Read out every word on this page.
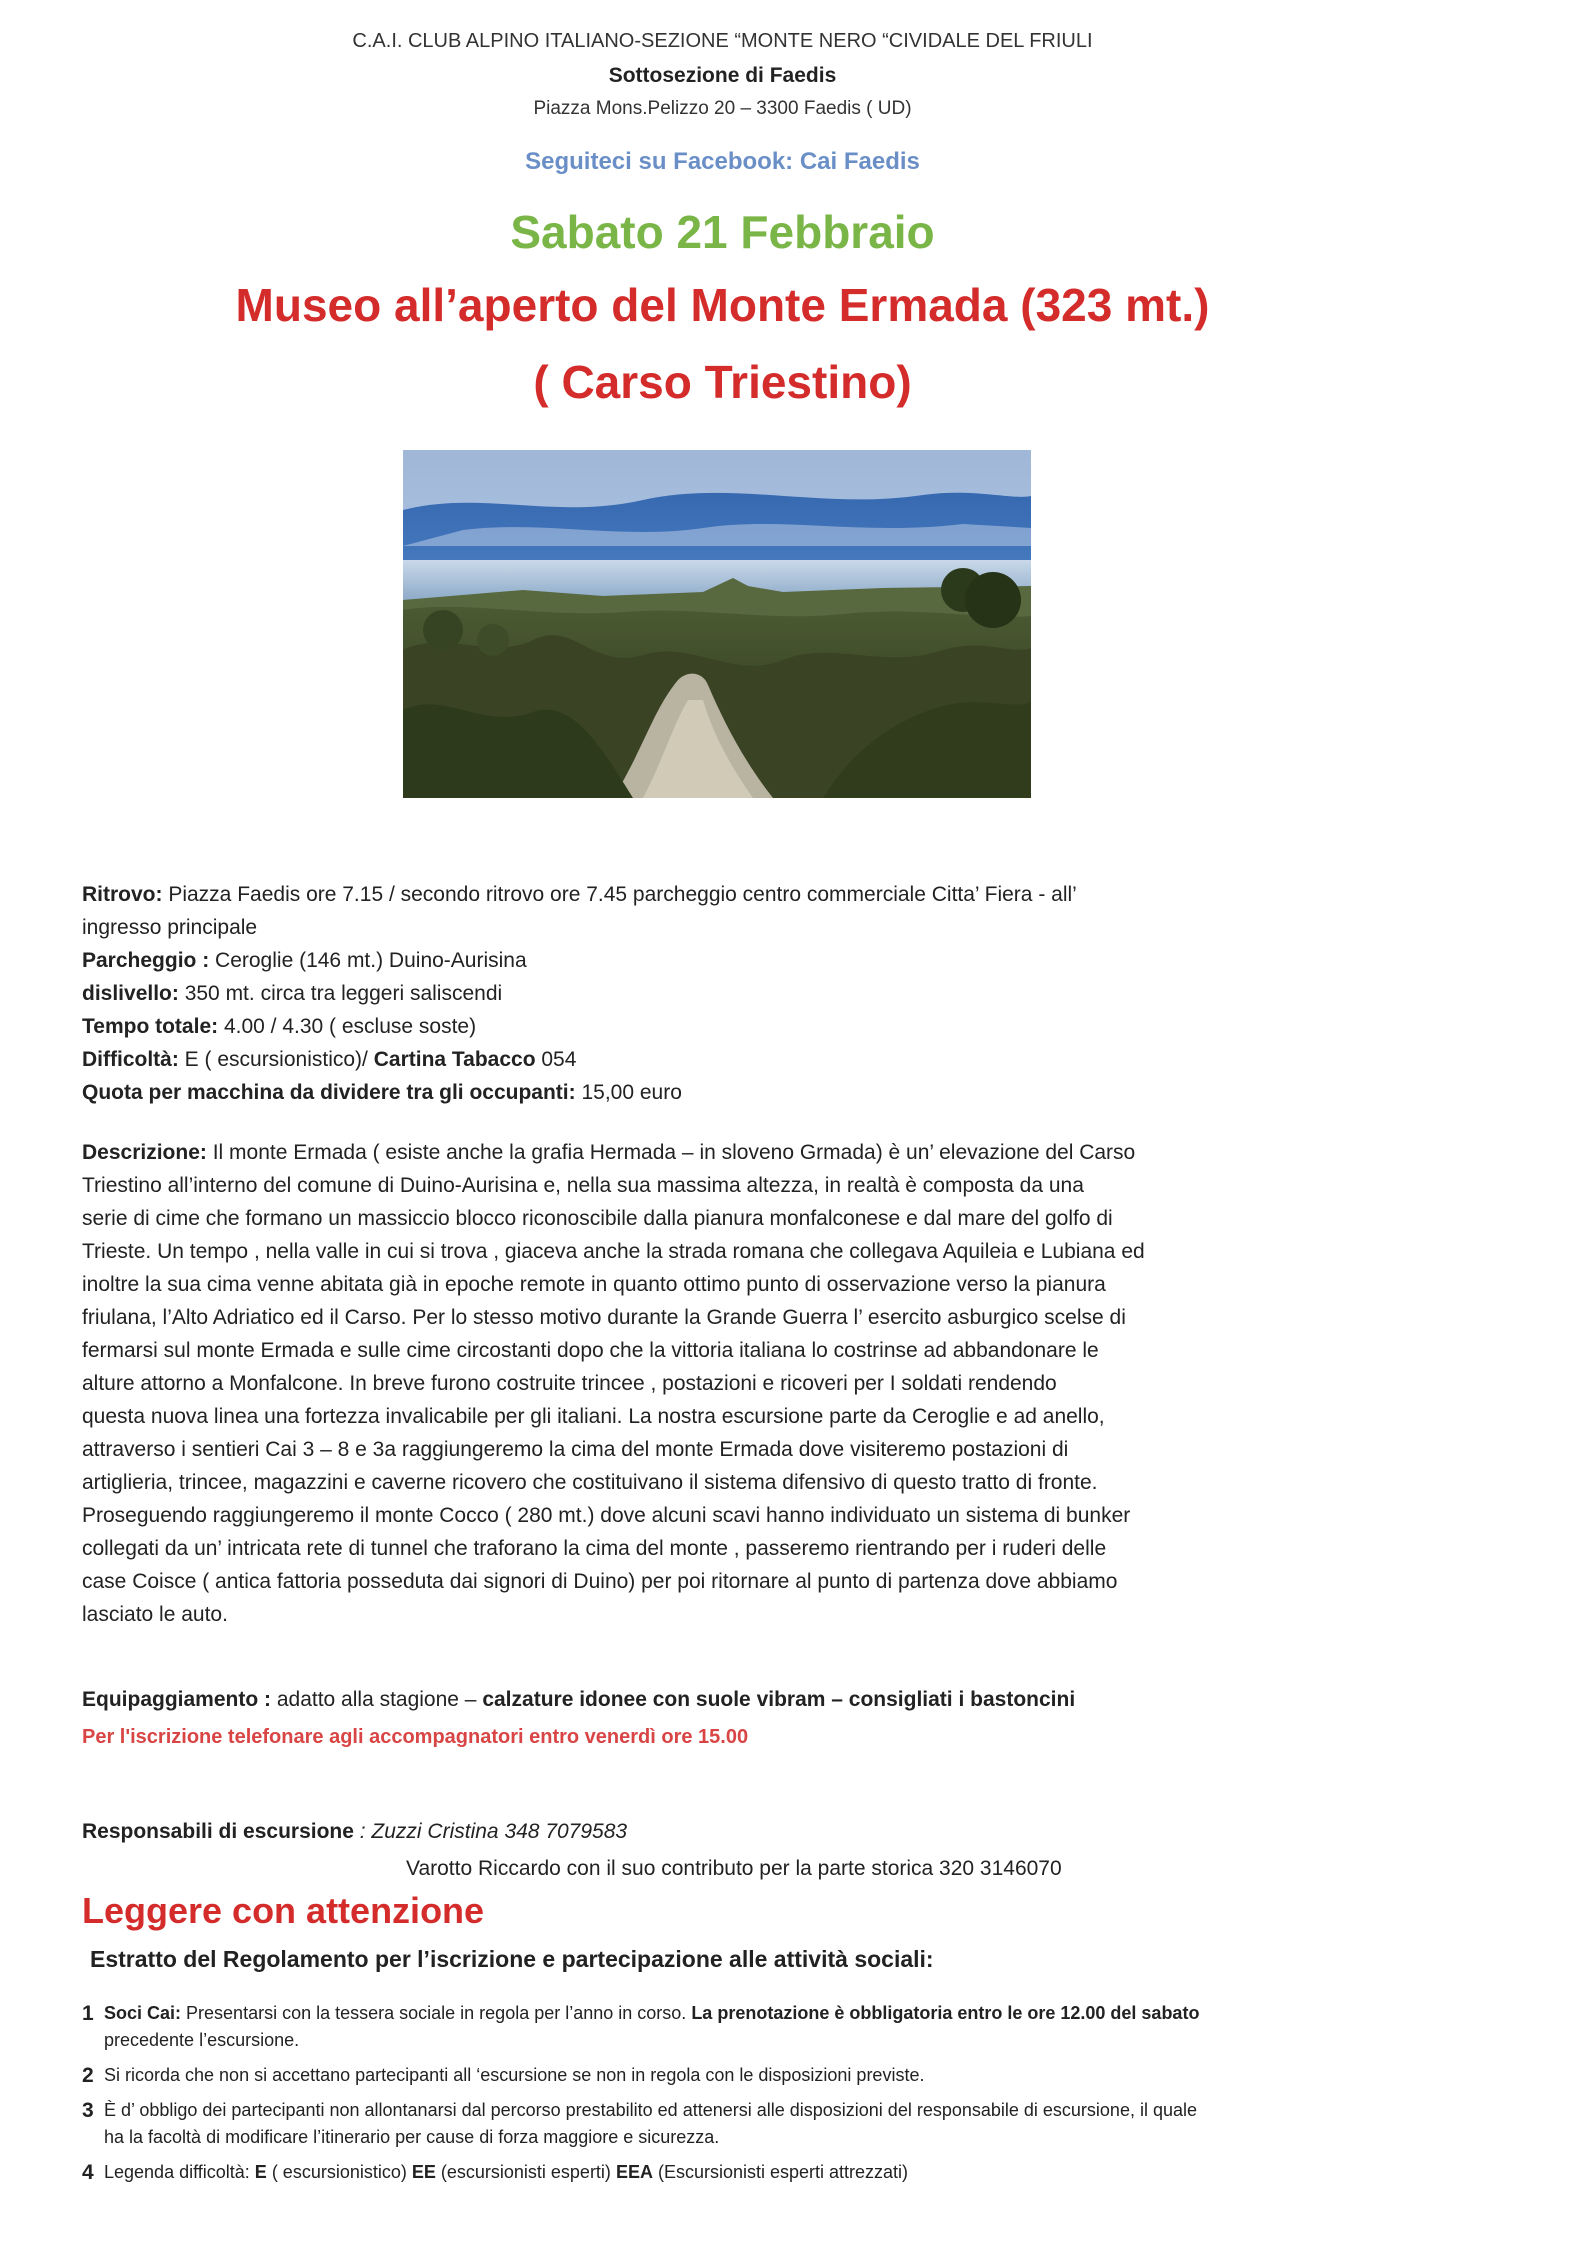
C.A.I. CLUB ALPINO ITALIANO-SEZIONE “MONTE NERO “CIVIDALE DEL FRIULI
Sottosezione di Faedis
Piazza Mons.Pelizzo 20 – 3300 Faedis ( UD)
Seguiteci su Facebook: Cai Faedis
Sabato 21 Febbraio
Museo all’aperto del Monte Ermada (323 mt.)
( Carso Triestino)
Ritrovo: Piazza Faedis ore 7.15 / secondo ritrovo ore 7.45 parcheggio centro commerciale Citta’ Fiera - all’
ingresso principale
Parcheggio : Ceroglie (146 mt.) Duino-Aurisina
dislivello: 350 mt. circa tra leggeri saliscendi
Tempo totale: 4.00 / 4.30 ( escluse soste)
Difficoltà: E ( escursionistico)/ Cartina Tabacco 054
Quota per macchina da dividere tra gli occupanti: 15,00 euro
Descrizione: Il monte Ermada ( esiste anche la grafia Hermada – in sloveno Grmada) è un’ elevazione del Carso
Triestino all’interno del comune di Duino-Aurisina e, nella sua massima altezza, in realtà è composta da una
serie di cime che formano un massiccio blocco riconoscibile dalla pianura monfalconese e dal mare del golfo di
Trieste. Un tempo , nella valle in cui si trova , giaceva anche la strada romana che collegava Aquileia e Lubiana ed
inoltre la sua cima venne abitata già in epoche remote in quanto ottimo punto di osservazione verso la pianura
friulana, l’Alto Adriatico ed il Carso. Per lo stesso motivo durante la Grande Guerra l’ esercito asburgico scelse di
fermarsi sul monte Ermada e sulle cime circostanti dopo che la vittoria italiana lo costrinse ad abbandonare le
alture attorno a Monfalcone. In breve furono costruite trincee , postazioni e ricoveri per I soldati rendendo
questa nuova linea una fortezza invalicabile per gli italiani. La nostra escursione parte da Ceroglie e ad anello,
attraverso i sentieri Cai 3 – 8 e 3a raggiungeremo la cima del monte Ermada dove visiteremo postazioni di
artiglieria, trincee, magazzini e caverne ricovero che costituivano il sistema difensivo di questo tratto di fronte.
Proseguendo raggiungeremo il monte Cocco ( 280 mt.) dove alcuni scavi hanno individuato un sistema di bunker
collegati da un’ intricata rete di tunnel che traforano la cima del monte , passeremo rientrando per i ruderi delle
case Coisce ( antica fattoria posseduta dai signori di Duino) per poi ritornare al punto di partenza dove abbiamo
lasciato le auto.
Equipaggiamento : adatto alla stagione – calzature idonee con suole vibram – consigliati i bastoncini
Per l'iscrizione telefonare agli accompagnatori entro venerdì ore 15.00
Responsabili di escursione : Zuzzi Cristina 348 7079583
Varotto Riccardo con il suo contributo per la parte storica 320 3146070
Leggere con attenzione
Estratto del Regolamento per l’iscrizione e partecipazione alle attività sociali:
1 Soci Cai: Presentarsi con la tessera sociale in regola per l’anno in corso. La prenotazione è obbligatoria entro le ore 12.00 del sabato
precedente l’escursione.
2 Si ricorda che non si accettano partecipanti all ‘escursione se non in regola con le disposizioni previste.
3 È d’ obbligo dei partecipanti non allontanarsi dal percorso prestabilito ed attenersi alle disposizioni del responsabile di escursione, il quale
ha la facoltà di modificare l’itinerario per cause di forza maggiore e sicurezza.
4 Legenda difficoltà: E ( escursionistico) EE (escursionisti esperti) EEA (Escursionisti esperti attrezzati)
